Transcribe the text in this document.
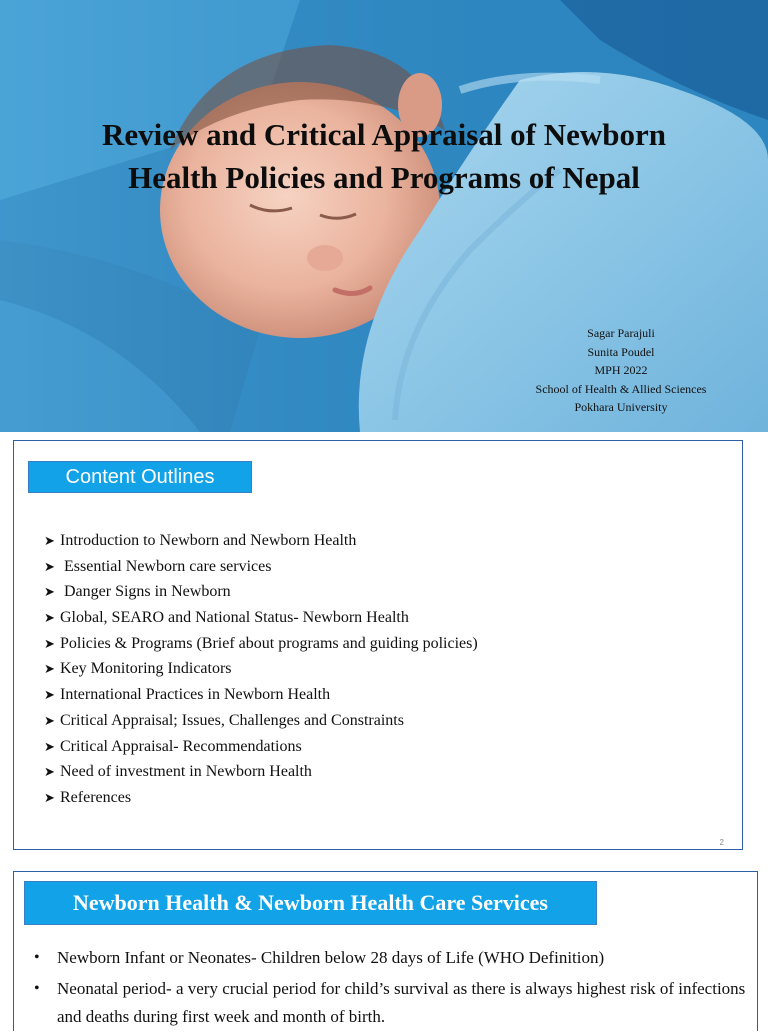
Review and Critical Appraisal of Newborn
Health Policies and Programs of Nepal
Sagar Parajuli
Sunita Poudel
MPH 2022
School of Health & Allied Sciences
Pokhara University
Content Outlines
➤ Introduction to Newborn and Newborn Health
➤ Essential Newborn care services
➤ Danger Signs in Newborn
➤ Global, SEARO and National Status- Newborn Health
➤ Policies & Programs (Brief about programs and guiding policies)
➤ Key Monitoring Indicators
➤ International Practices in Newborn Health
➤ Critical Appraisal; Issues, Challenges and Constraints
➤ Critical Appraisal- Recommendations
➤ Need of investment in Newborn Health
➤ References
2
Newborn Health & Newborn Health Care Services
• Newborn Infant or Neonates- Children below 28 days of Life (WHO Definition)
• Neonatal period- a very crucial period for child’s survival as there is always highest risk of infections and deaths during first week and month of birth.
